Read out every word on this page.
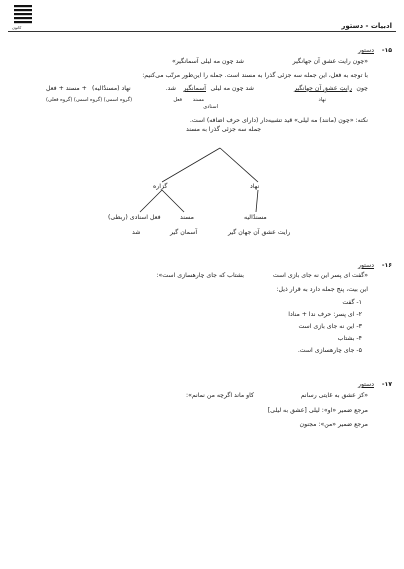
کانون	ادبیات - دستور
۱۵-
دستور
«چون رایت عشق آن جهانگیر
شد چون مه لیلی آسمانگیر»
با توجه به فعل، این جمله سه جزئی گذرا به مسند است. جمله را این‌طور مرتّب می‌کنیم:
چون
رایتِ عشقِ آن جهانگیر
شد چون مه لیلی
آسمانگیر
شد.
نهاد
مسند
فعل
اسنادی
نهاد (مسندٌالیه)
+ مسند + فعل
(گروه اسمی) (گروه اسمی) (گروه فعلی)
نکته: «چون (مانند) مه لیلی» قید تشبیه‌دار (دارای حرف اضافه) است.
جمله سه جزئی گذرا به مسند
گزاره	نهاد
فعل اسنادی (ربطی)
شد
مسند
آسمان گیر
مسندٌالیه
رایت عشق آن جهان گیر
۱۶-
دستور
«گفت ای پسر این نه جای بازی است
بشتاب که جای چارهسازی است»:
این بیت، پنج جمله دارد به قرار ذیل:
۱- گفت
۲- ای پسر: حرف ندا + منادا
۳- این نه جای بازی است
۴- بشتاب
۵- جای چارهسازی است.
۱۷-
دستور
«کز عشق به غایتی رسانم
کاو ماند اگرچه من نمانم»:
مرجع ضمیر «او»: لیلی [عشق به لیلی]
مرجع ضمیر «من»: مجنون
